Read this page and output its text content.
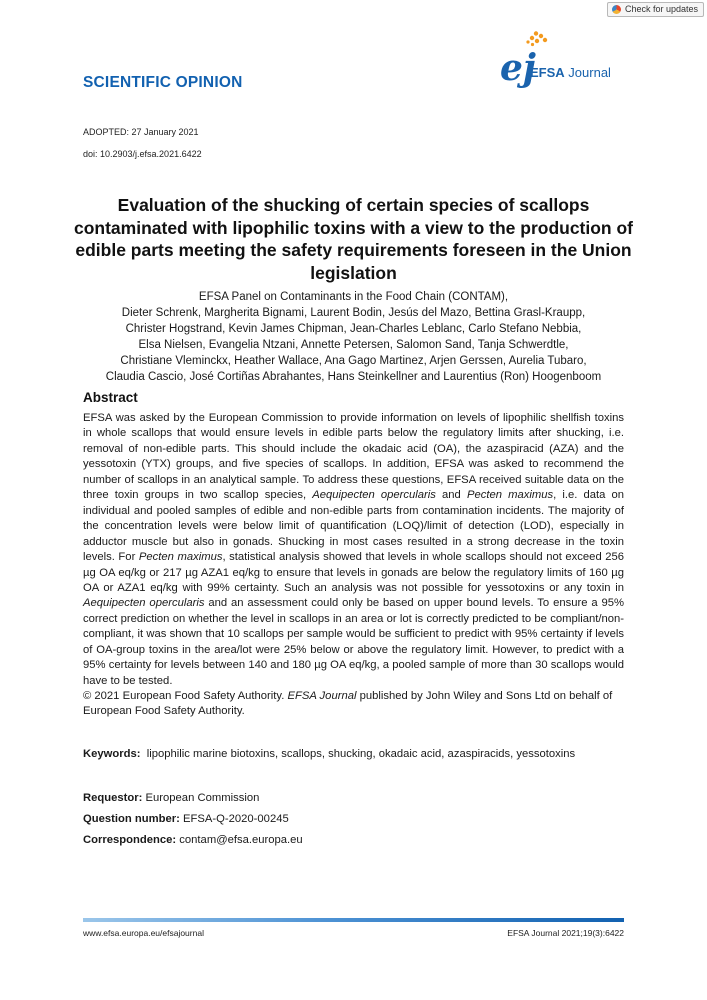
Check for updates
SCIENTIFIC OPINION	ej
EFSA Journal
ADOPTED: 27 January 2021
doi: 10.2903/j.efsa.2021.6422
Evaluation of the shucking of certain species of scallops contaminated with lipophilic toxins with a view to the production of edible parts meeting the safety requirements foreseen in the Union legislation
EFSA Panel on Contaminants in the Food Chain (CONTAM),
Dieter Schrenk, Margherita Bignami, Laurent Bodin, Jesús del Mazo, Bettina Grasl-Kraupp,
Christer Hogstrand, Kevin James Chipman, Jean-Charles Leblanc, Carlo Stefano Nebbia,
Elsa Nielsen, Evangelia Ntzani, Annette Petersen, Salomon Sand, Tanja Schwerdtle,
Christiane Vleminckx, Heather Wallace, Ana Gago Martinez, Arjen Gerssen, Aurelia Tubaro,
Claudia Cascio, José Cortiñas Abrahantes, Hans Steinkellner and Laurentius (Ron) Hoogenboom
Abstract

EFSA was asked by the European Commission to provide information on levels of lipophilic shellfish toxins in whole scallops that would ensure levels in edible parts below the regulatory limits after shucking, i.e. removal of non-edible parts. This should include the okadaic acid (OA), the azaspiracid (AZA) and the yessotoxin (YTX) groups, and five species of scallops. In addition, EFSA was asked to recommend the number of scallops in an analytical sample. To address these questions, EFSA received suitable data on the three toxin groups in two scallop species, Aequipecten opercularis and Pecten maximus, i.e. data on individual and pooled samples of edible and non-edible parts from contamination incidents. The majority of the concentration levels were below limit of quantification (LOQ)/limit of detection (LOD), especially in adductor muscle but also in gonads. Shucking in most cases resulted in a strong decrease in the toxin levels. For Pecten maximus, statistical analysis showed that levels in whole scallops should not exceed 256 µg OA eq/kg or 217 µg AZA1 eq/kg to ensure that levels in gonads are below the regulatory limits of 160 µg OA or AZA1 eq/kg with 99% certainty. Such an analysis was not possible for yessotoxins or any toxin in Aequipecten opercularis and an assessment could only be based on upper bound levels. To ensure a 95% correct prediction on whether the level in scallops in an area or lot is correctly predicted to be compliant/non-compliant, it was shown that 10 scallops per sample would be sufficient to predict with 95% certainty if levels of OA-group toxins in the area/lot were 25% below or above the regulatory limit. However, to predict with a 95% certainty for levels between 140 and 180 µg OA eq/kg, a pooled sample of more than 30 scallops would have to be tested.

© 2021 European Food Safety Authority. EFSA Journal published by John Wiley and Sons Ltd on behalf of European Food Safety Authority.

Keywords: lipophilic marine biotoxins, scallops, shucking, okadaic acid, azaspiracids, yessotoxins
Requestor: European Commission
Question number: EFSA-Q-2020-00245
Correspondence: contam@efsa.europa.eu
www.efsa.europa.eu/efsajournal	EFSA Journal 2021;19(3):6422
